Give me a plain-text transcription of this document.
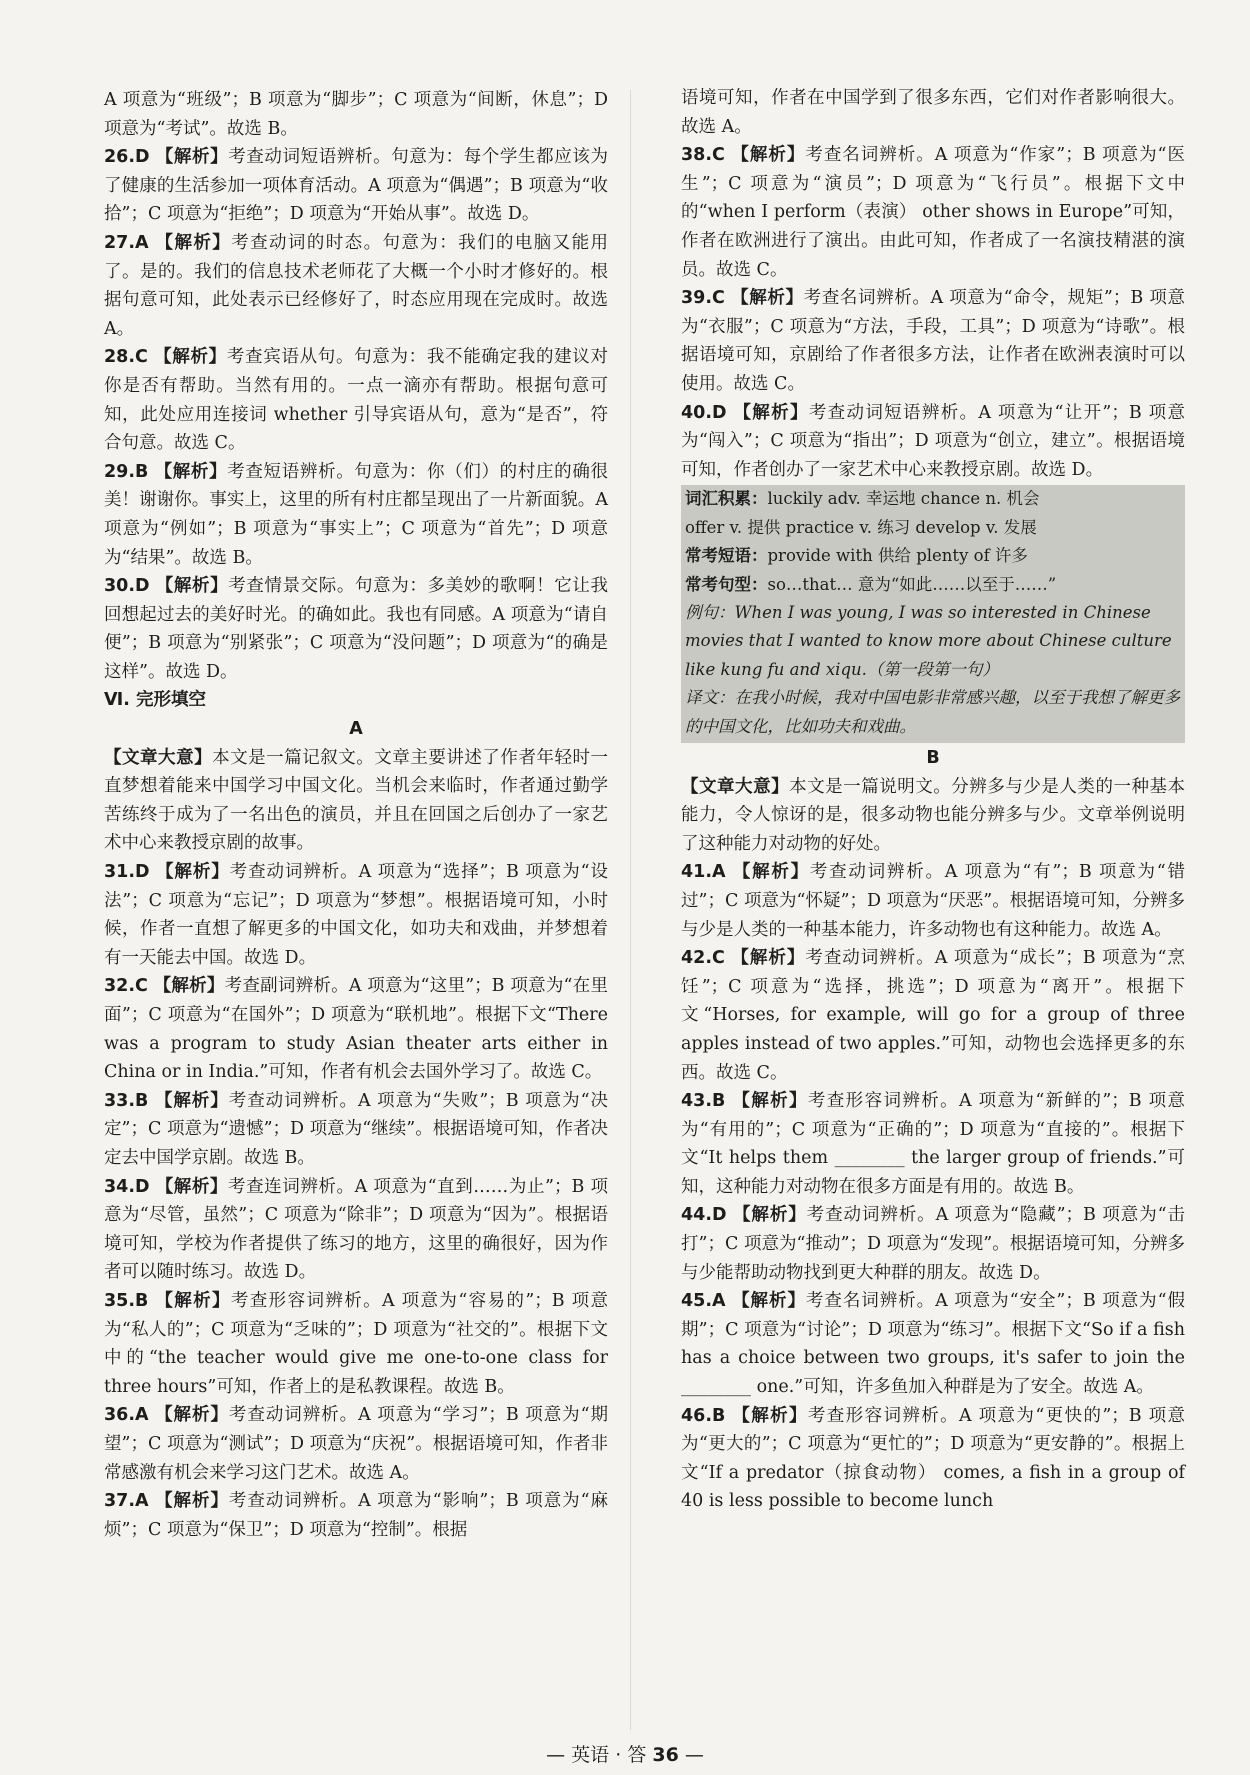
A 项意为“班级”；B 项意为“脚步”；C 项意为“间断，休息”；D 项意为“考试”。故选 B。

26.D 【解析】考查动词短语辨析。句意为：每个学生都应该为了健康的生活参加一项体育活动。A 项意为“偶遇”；B 项意为“收拾”；C 项意为“拒绝”；D 项意为“开始从事”。故选 D。

27.A 【解析】考查动词的时态。句意为：我们的电脑又能用了。是的。我们的信息技术老师花了大概一个小时才修好的。根据句意可知，此处表示已经修好了，时态应用现在完成时。故选 A。

28.C 【解析】考查宾语从句。句意为：我不能确定我的建议对你是否有帮助。当然有用的。一点一滴亦有帮助。根据句意可知，此处应用连接词 whether 引导宾语从句，意为“是否”，符合句意。故选 C。

29.B 【解析】考查短语辨析。句意为：你（们）的村庄的确很美！谢谢你。事实上，这里的所有村庄都呈现出了一片新面貌。A 项意为“例如”；B 项意为“事实上”；C 项意为“首先”；D 项意为“结果”。故选 B。

30.D 【解析】考查情景交际。句意为：多美妙的歌啊！它让我回想起过去的美好时光。的确如此。我也有同感。A 项意为“请自便”；B 项意为“别紧张”；C 项意为“没问题”；D 项意为“的确是这样”。故选 D。

Ⅵ. 完形填空

A

【文章大意】本文是一篇记叙文。文章主要讲述了作者年轻时一直梦想着能来中国学习中国文化。当机会来临时，作者通过勤学苦练终于成为了一名出色的演员，并且在回国之后创办了一家艺术中心来教授京剧的故事。

31.D 【解析】考查动词辨析。A 项意为“选择”；B 项意为“设法”；C 项意为“忘记”；D 项意为“梦想”。根据语境可知，小时候，作者一直想了解更多的中国文化，如功夫和戏曲，并梦想着有一天能去中国。故选 D。

32.C 【解析】考查副词辨析。A 项意为“这里”；B 项意为“在里面”；C 项意为“在国外”；D 项意为“联机地”。根据下文“There was a program to study Asian theater arts either in China or in India.”可知，作者有机会去国外学习了。故选 C。

33.B 【解析】考查动词辨析。A 项意为“失败”；B 项意为“决定”；C 项意为“遗憾”；D 项意为“继续”。根据语境可知，作者决定去中国学京剧。故选 B。

34.D 【解析】考查连词辨析。A 项意为“直到……为止”；B 项意为“尽管，虽然”；C 项意为“除非”；D 项意为“因为”。根据语境可知，学校为作者提供了练习的地方，这里的确很好，因为作者可以随时练习。故选 D。

35.B 【解析】考查形容词辨析。A 项意为“容易的”；B 项意为“私人的”；C 项意为“乏味的”；D 项意为“社交的”。根据下文中的“the teacher would give me one-to-one class for three hours”可知，作者上的是私教课程。故选 B。

36.A 【解析】考查动词辨析。A 项意为“学习”；B 项意为“期望”；C 项意为“测试”；D 项意为“庆祝”。根据语境可知，作者非常感激有机会来学习这门艺术。故选 A。

37.A 【解析】考查动词辨析。A 项意为“影响”；B 项意为“麻烦”；C 项意为“保卫”；D 项意为“控制”。根据

语境可知，作者在中国学到了很多东西，它们对作者影响很大。故选 A。

38.C 【解析】考查名词辨析。A 项意为“作家”；B 项意为“医生”；C 项意为“演员”；D 项意为“飞行员”。根据下文中的“when I perform（表演） other shows in Europe”可知，作者在欧洲进行了演出。由此可知，作者成了一名演技精湛的演员。故选 C。

39.C 【解析】考查名词辨析。A 项意为“命令，规矩”；B 项意为“衣服”；C 项意为“方法，手段，工具”；D 项意为“诗歌”。根据语境可知，京剧给了作者很多方法，让作者在欧洲表演时可以使用。故选 C。

40.D 【解析】考查动词短语辨析。A 项意为“让开”；B 项意为“闯入”；C 项意为“指出”；D 项意为“创立，建立”。根据语境可知，作者创办了一家艺术中心来教授京剧。故选 D。

词汇积累：luckily adv. 幸运地 chance n. 机会
offer v. 提供 practice v. 练习 develop v. 发展
常考短语：provide with 供给 plenty of 许多
常考句型：so…that… 意为“如此……以至于……”
例句：When I was young, I was so interested in Chinese movies that I wanted to know more about Chinese culture like kung fu and xiqu.（第一段第一句）
译文：在我小时候，我对中国电影非常感兴趣，以至于我想了解更多的中国文化，比如功夫和戏曲。

B

【文章大意】本文是一篇说明文。分辨多与少是人类的一种基本能力，令人惊讶的是，很多动物也能分辨多与少。文章举例说明了这种能力对动物的好处。

41.A 【解析】考查动词辨析。A 项意为“有”；B 项意为“错过”；C 项意为“怀疑”；D 项意为“厌恶”。根据语境可知，分辨多与少是人类的一种基本能力，许多动物也有这种能力。故选 A。

42.C 【解析】考查动词辨析。A 项意为“成长”；B 项意为“烹饪”；C 项意为“选择，挑选”；D 项意为“离开”。根据下文“Horses, for example, will go for a group of three apples instead of two apples.”可知，动物也会选择更多的东西。故选 C。

43.B 【解析】考查形容词辨析。A 项意为“新鲜的”；B 项意为“有用的”；C 项意为“正确的”；D 项意为“直接的”。根据下文“It helps them ________ the larger group of friends.”可知，这种能力对动物在很多方面是有用的。故选 B。

44.D 【解析】考查动词辨析。A 项意为“隐藏”；B 项意为“击打”；C 项意为“推动”；D 项意为“发现”。根据语境可知，分辨多与少能帮助动物找到更大种群的朋友。故选 D。

45.A 【解析】考查名词辨析。A 项意为“安全”；B 项意为“假期”；C 项意为“讨论”；D 项意为“练习”。根据下文“So if a fish has a choice between two groups, it's safer to join the ________ one.”可知，许多鱼加入种群是为了安全。故选 A。

46.B 【解析】考查形容词辨析。A 项意为“更快的”；B 项意为“更大的”；C 项意为“更忙的”；D 项意为“更安静的”。根据上文“If a predator（掠食动物） comes, a fish in a group of 40 is less possible to become lunch

— 英语 · 答 36 —
